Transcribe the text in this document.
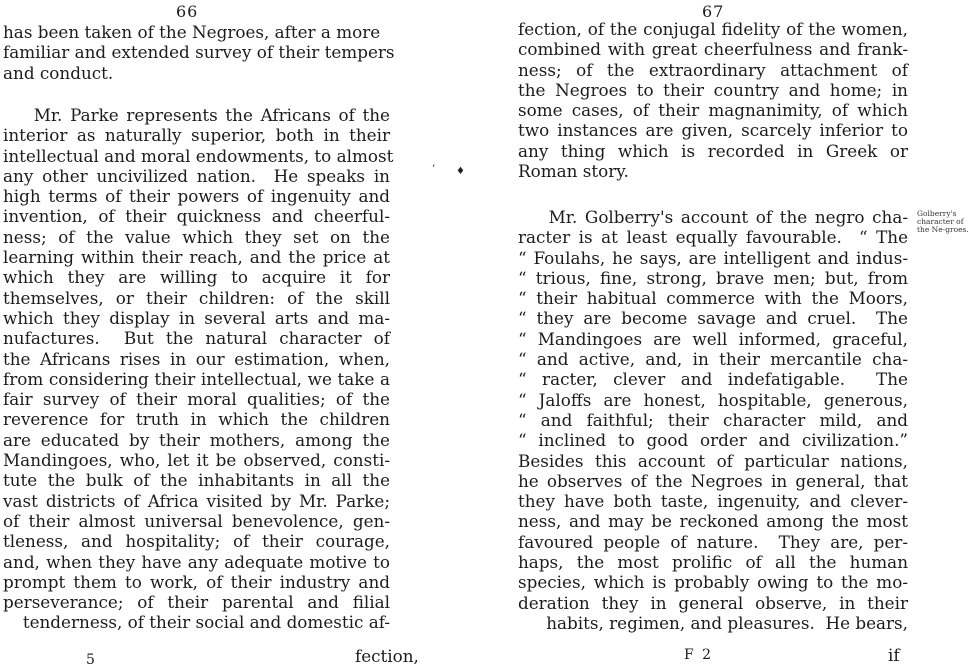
66
has been taken of the Negroes, after a more
familiar and extended survey of their tempers
and conduct.
Mr. Parke represents the Africans of the
interior as naturally superior, both in their
intellectual and moral endowments, to almost
any other uncivilized nation.  He speaks in
high terms of their powers of ingenuity and
invention, of their quickness and cheerful-
ness; of the value which they set on the
learning within their reach, and the price at
which they are willing to acquire it for
themselves, or their children: of the skill
which they display in several arts and ma-
nufactures.  But the natural character of
the Africans rises in our estimation, when,
from considering their intellectual, we take a
fair survey of their moral qualities; of the
reverence for truth in which the children
are educated by their mothers, among the
Mandingoes, who, let it be observed, consti-
tute the bulk of the inhabitants in all the
vast districts of Africa visited by Mr. Parke;
of their almost universal benevolence, gen-
tleness, and hospitality; of their courage,
and, when they have any adequate motive to
prompt them to work, of their industry and
perseverance; of their parental and filial
tenderness, of their social and domestic af-
5	fection,
’ ♦
67
fection, of the conjugal fidelity of the women,
combined with great cheerfulness and frank-
ness; of the extraordinary attachment of
the Negroes to their country and home; in
some cases, of their magnanimity, of which
two instances are given, scarcely inferior to
any thing which is recorded in Greek or
Roman story.
Mr. Golberry's account of the negro cha-
racter is at least equally favourable.  “ The
“ Foulahs, he says, are intelligent and indus-
“ trious, fine, strong, brave men; but, from
“ their habitual commerce with the Moors,
“ they are become savage and cruel.  The
“ Mandingoes are well informed, graceful,
“ and active, and, in their mercantile cha-
“ racter, clever and indefatigable.  The
“ Jaloffs are honest, hospitable, generous,
“ and faithful; their character mild, and
“ inclined to good order and civilization.”
Besides this account of particular nations,
he observes of the Negroes in general, that
they have both taste, ingenuity, and clever-
ness, and may be reckoned among the most
favoured people of nature.  They are, per-
haps, the most prolific of all the human
species, which is probably owing to the mo-
deration they in general observe, in their
habits, regimen, and pleasures.  He bears,
Golberry's character of the Ne-groes.
F 2	if
